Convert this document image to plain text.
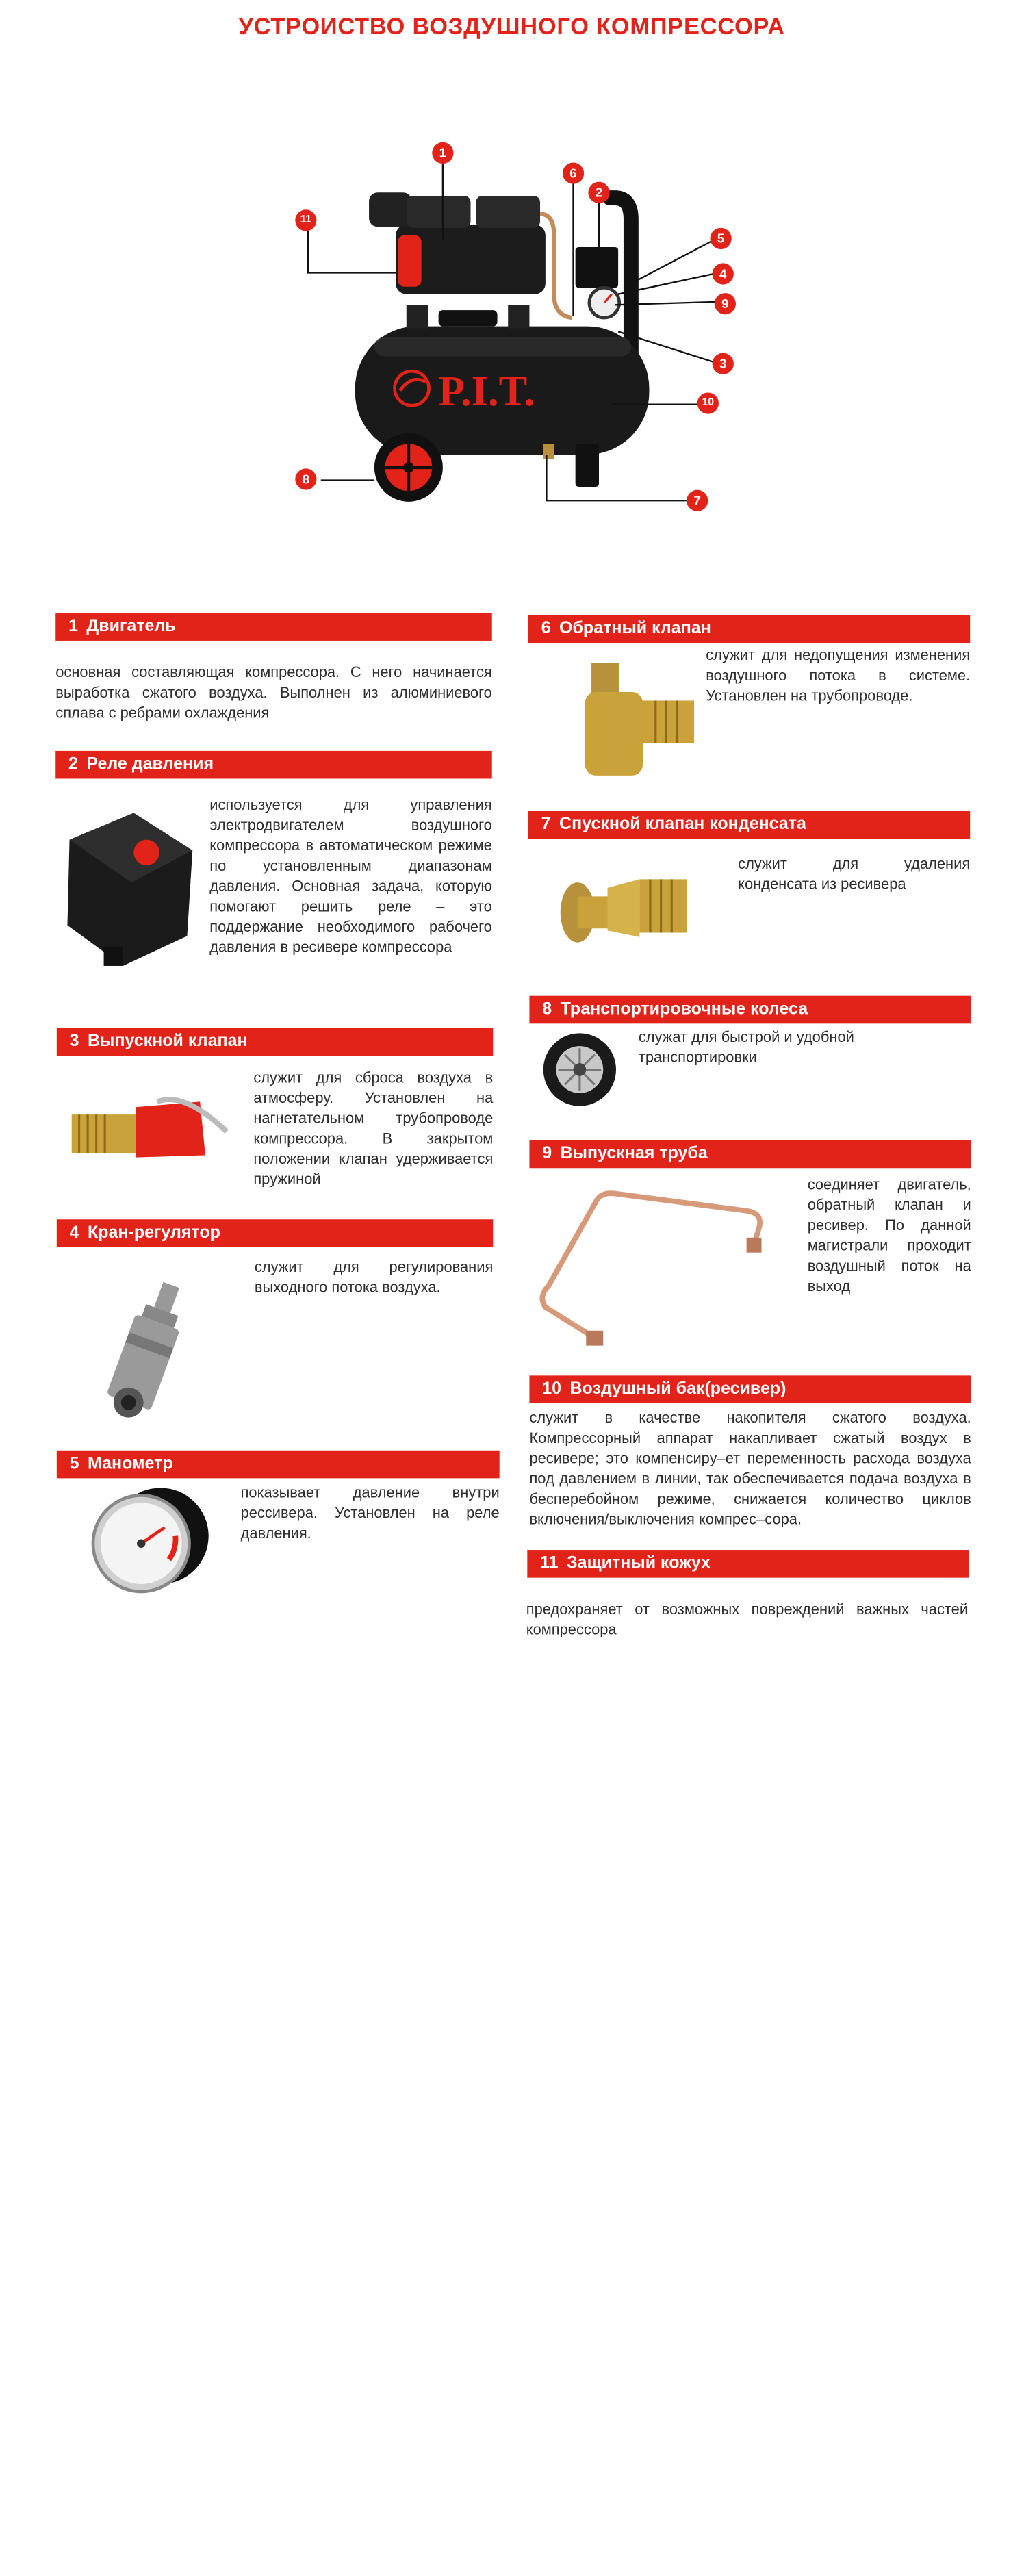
УСТРОИСТВО ВОЗДУШНОГО КОМПРЕССОРА
P.I.T.
1
2
3
4
5
6
7
8
9
10
11
1 Двигатель
основная составляющая компрессора. С него начинается выработка сжатого воздуха. Выполнен из алюминиевого сплава с ребрами охлаждения
2 Реле давления
используется для управления электродвигателем воздушного компрессора в автоматическом режиме по установленным диапазонам давления. Основная задача, которую помогают решить реле – это поддержание необходимого рабочего давления в ресивере компрессора
3 Выпускной клапан
служит для сброса воздуха в атмосферу. Установлен на нагнетательном трубопроводе компрессора. В закрытом положении клапан удерживается пружиной
4 Кран-регулятор
служит для регулирования выходного потока воздуха.
5 Манометр
показывает давление внутри рессивера. Установлен на реле давления.
6 Обратный клапан
служит для недопущения изменения воздушного потока в системе. Установлен на трубопроводе.
7 Спускной клапан конденсата
служит для удаления конденсата из ресивера
8 Транспортировочные колеса
служат для быстрой и удобной транспортировки
9 Выпускная труба
соединяет двигатель, обратный клапан и ресивер. По данной магистрали проходит воздушный поток на выход
10 Воздушный бак(ресивер)
служит в качестве накопителя сжатого воздуха. Компрессорный аппарат накапливает сжатый воздух в ресивере; это компенсиру–ет переменность расхода воздуха под давлением в линии, так обеспечивается подача воздуха в бесперебойном режиме, снижается количество циклов включения/выключения компрес–сора.
11 Защитный кожух
предохраняет от возможных повреждений важных частей компрессора
